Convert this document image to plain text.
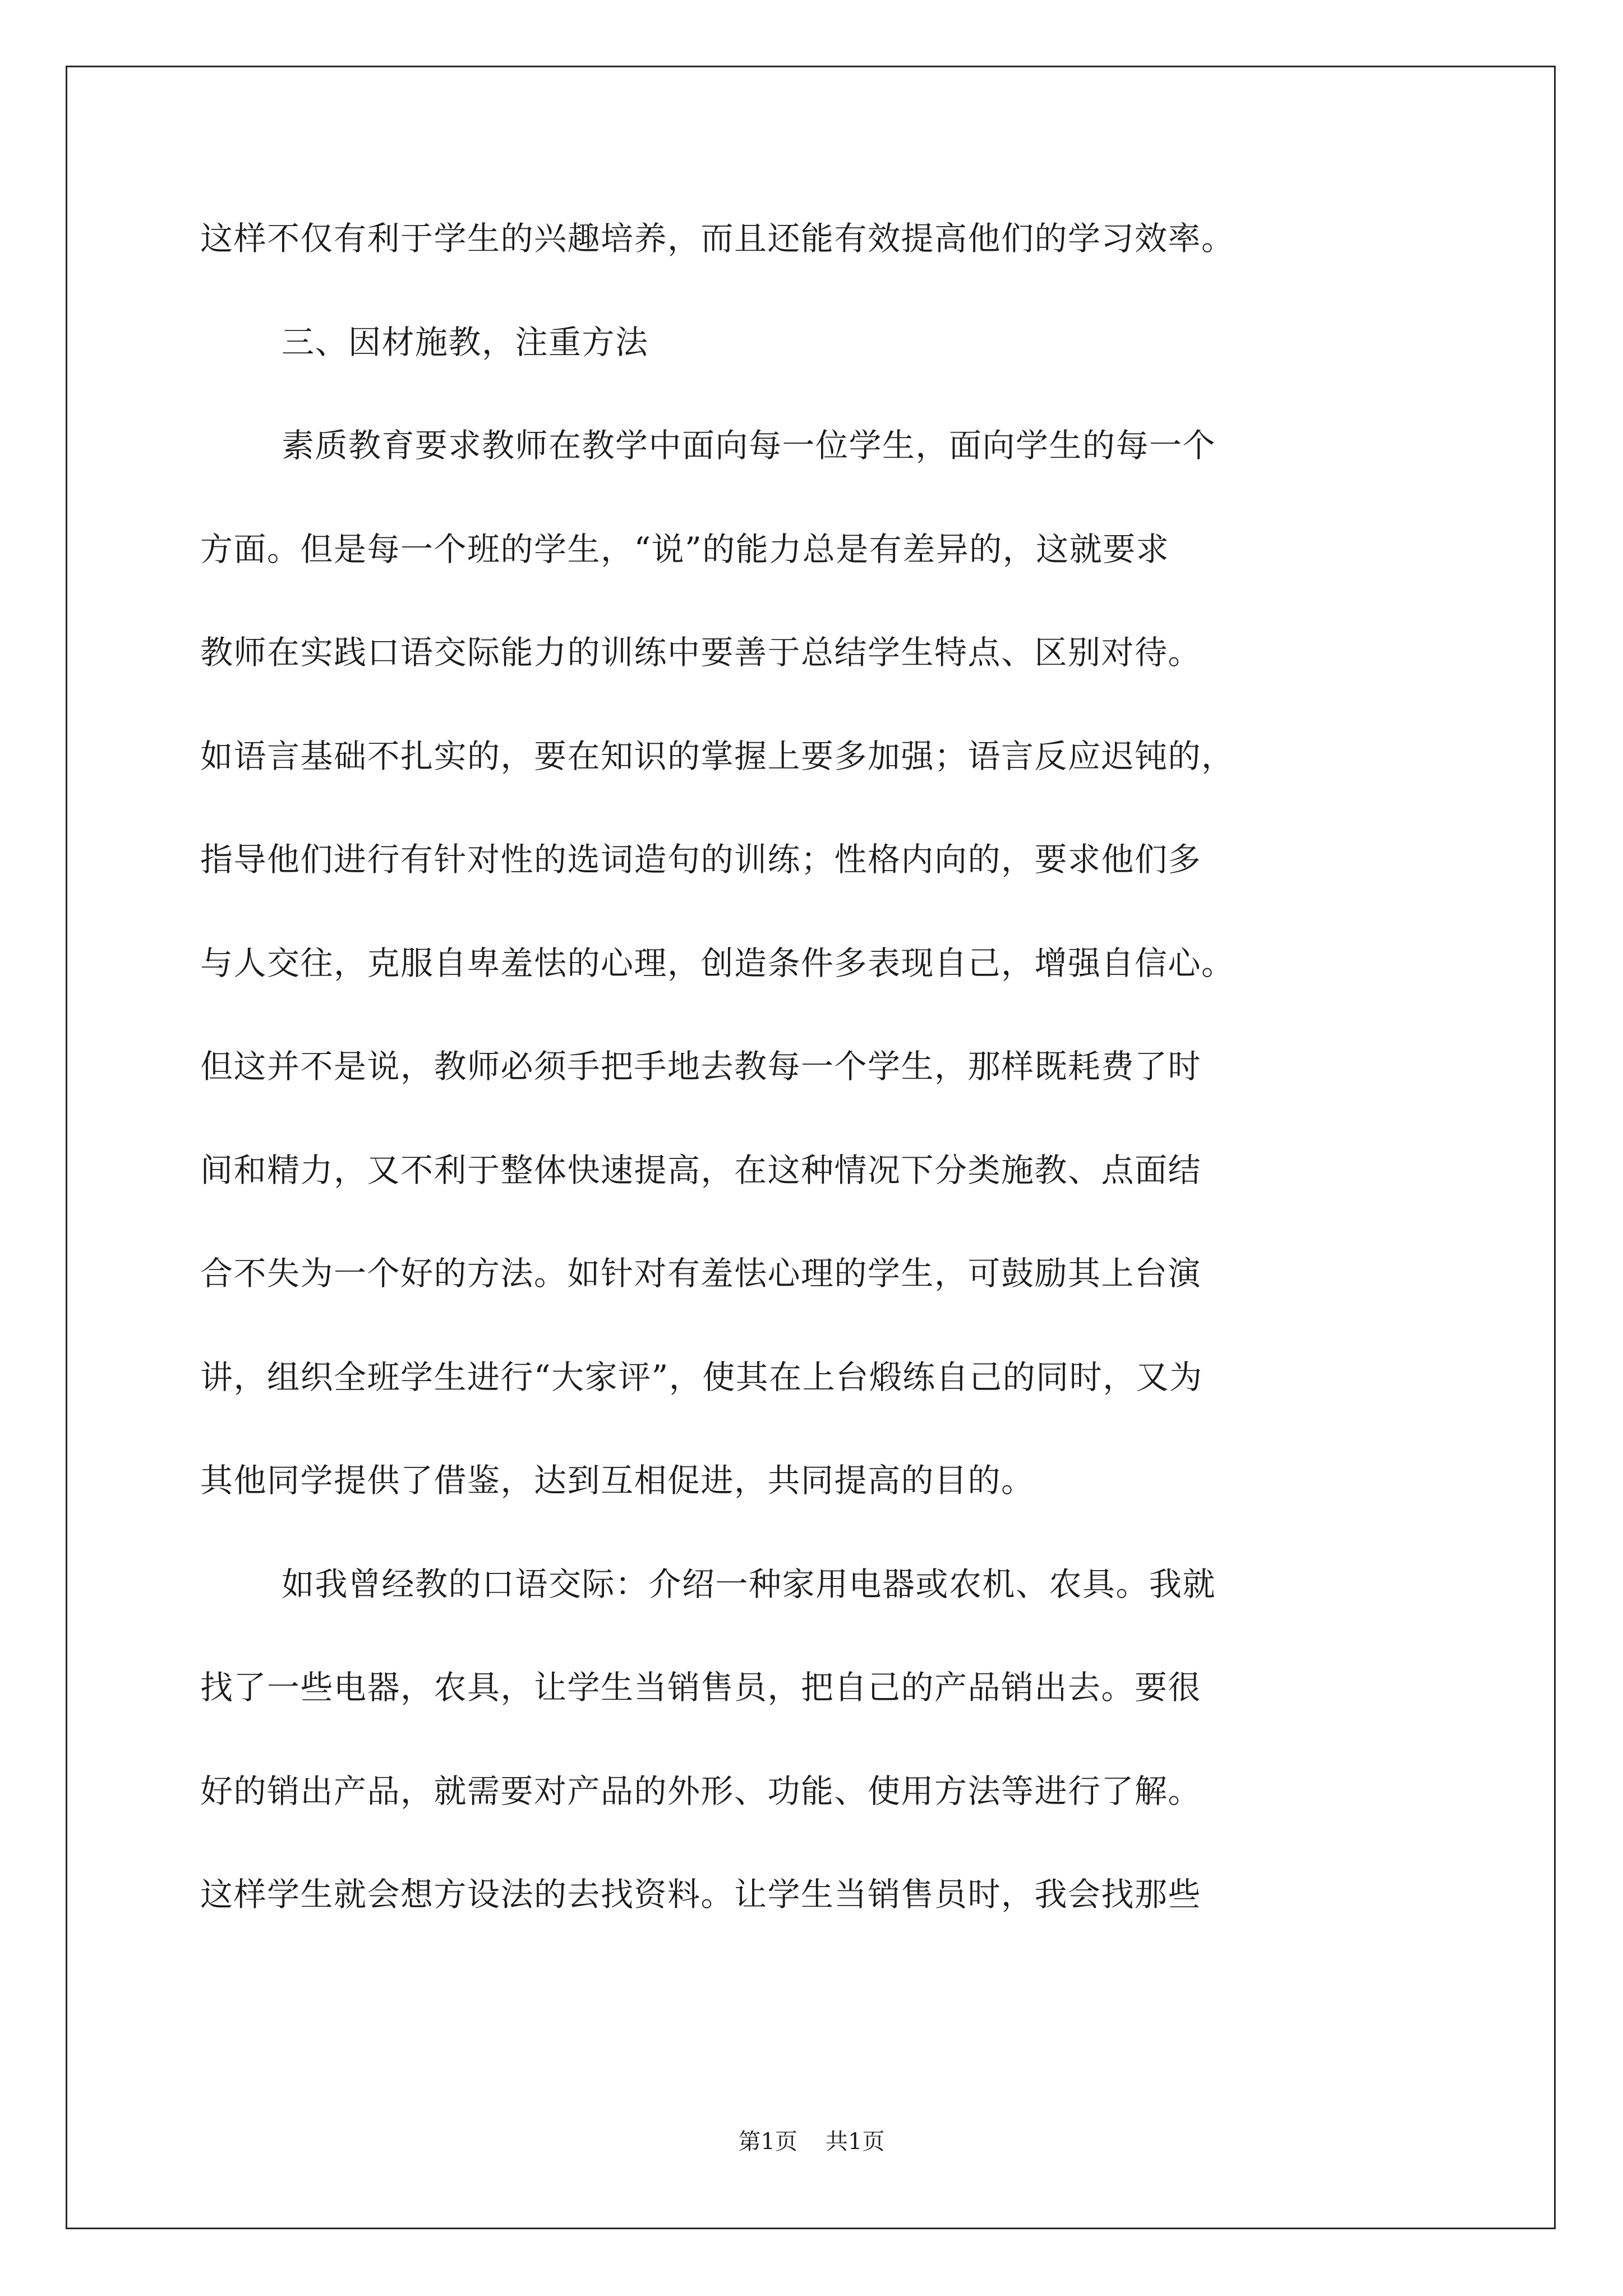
这样不仅有利于学生的兴趣培养，而且还能有效提高他们的学习效率。
三、因材施教，注重方法
素质教育要求教师在教学中面向每一位学生，面向学生的每一个
方面。但是每一个班的学生，“说”的能力总是有差异的，这就要求
教师在实践口语交际能力的训练中要善于总结学生特点、区别对待。
如语言基础不扎实的，要在知识的掌握上要多加强；语言反应迟钝的，
指导他们进行有针对性的选词造句的训练；性格内向的，要求他们多
与人交往，克服自卑羞怯的心理，创造条件多表现自己，增强自信心。
但这并不是说，教师必须手把手地去教每一个学生，那样既耗费了时
间和精力，又不利于整体快速提高，在这种情况下分类施教、点面结
合不失为一个好的方法。如针对有羞怯心理的学生，可鼓励其上台演
讲，组织全班学生进行“大家评”，使其在上台煅练自己的同时，又为
其他同学提供了借鉴，达到互相促进，共同提高的目的。
如我曾经教的口语交际：介绍一种家用电器或农机、农具。我就
找了一些电器，农具，让学生当销售员，把自己的产品销出去。要很
好的销出产品，就需要对产品的外形、功能、使用方法等进行了解。
这样学生就会想方设法的去找资料。让学生当销售员时，我会找那些
第1页 共1页
